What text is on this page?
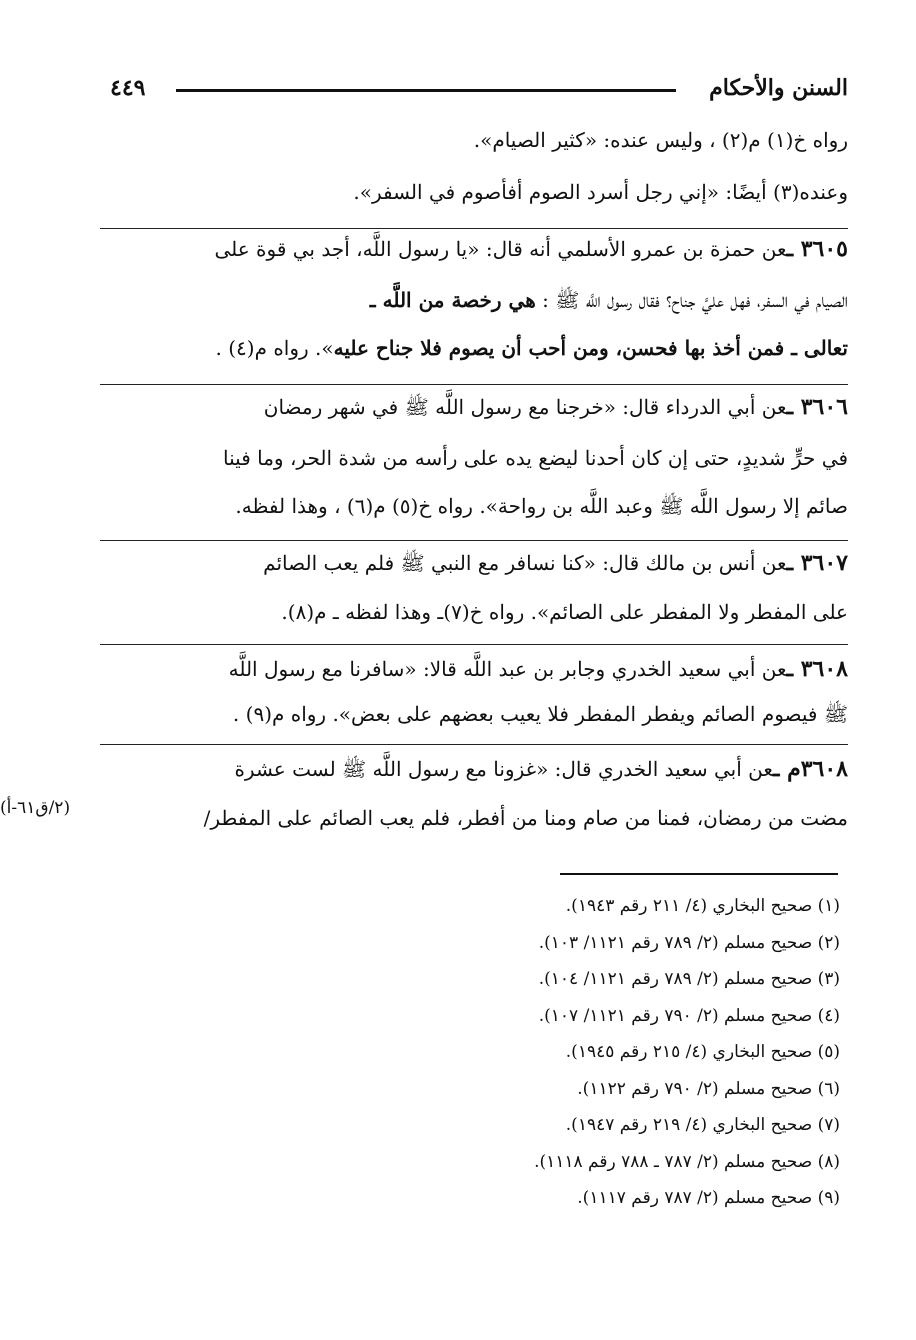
السنن والأحكام
٤٤٩
رواه خ(١) م(٢) ، وليس عنده: «كثير الصيام».
وعنده(٣) أيضًا: «إني رجل أسرد الصوم أفأصوم في السفر».
٣٦٠٥ ـعن حمزة بن عمرو الأسلمي أنه قال: «يا رسول اللَّه، أجد بي قوة على
الصيام في السفر، فهل عليَّ جناح؟ فقال رسول اللَّه ﷺ : هي رخصة من اللَّه ـ
تعالى ـ فمن أخذ بها فحسن، ومن أحب أن يصوم فلا جناح عليه». رواه م(٤) .
٣٦٠٦ ـعن أبي الدرداء قال: «خرجنا مع رسول اللَّه ﷺ في شهر رمضان
في حرٍّ شديدٍ، حتى إن كان أحدنا ليضع يده على رأسه من شدة الحر، وما فينا
صائم إلا رسول اللَّه ﷺ وعبد اللَّه بن رواحة». رواه خ(٥) م(٦) ، وهذا لفظه.
٣٦٠٧ ـعن أنس بن مالك قال: «كنا نسافر مع النبي ﷺ فلم يعب الصائم
على المفطر ولا المفطر على الصائم». رواه خ(٧)ـ وهذا لفظه ـ م(٨).
٣٦٠٨ ـعن أبي سعيد الخدري وجابر بن عبد اللَّه قالا: «سافرنا مع رسول اللَّه
ﷺ فيصوم الصائم ويفطر المفطر فلا يعيب بعضهم على بعض». رواه م(٩) .
٣٦٠٨م ـعن أبي سعيد الخدري قال: «غزونا مع رسول اللَّه ﷺ لست عشرة
مضت من رمضان، فمنا من صام ومنا من أفطر، فلم يعب الصائم على المفطر/
(٢/ق٦١-أ)
(١) صحيح البخاري (٤/ ٢١١ رقم ١٩٤٣).
(٢) صحيح مسلم (٢/ ٧٨٩ رقم ١١٢١/ ١٠٣).
(٣) صحيح مسلم (٢/ ٧٨٩ رقم ١١٢١/ ١٠٤).
(٤) صحيح مسلم (٢/ ٧٩٠ رقم ١١٢١/ ١٠٧).
(٥) صحيح البخاري (٤/ ٢١٥ رقم ١٩٤٥).
(٦) صحيح مسلم (٢/ ٧٩٠ رقم ١١٢٢).
(٧) صحيح البخاري (٤/ ٢١٩ رقم ١٩٤٧).
(٨) صحيح مسلم (٢/ ٧٨٧ ـ ٧٨٨ رقم ١١١٨).
(٩) صحيح مسلم (٢/ ٧٨٧ رقم ١١١٧).
